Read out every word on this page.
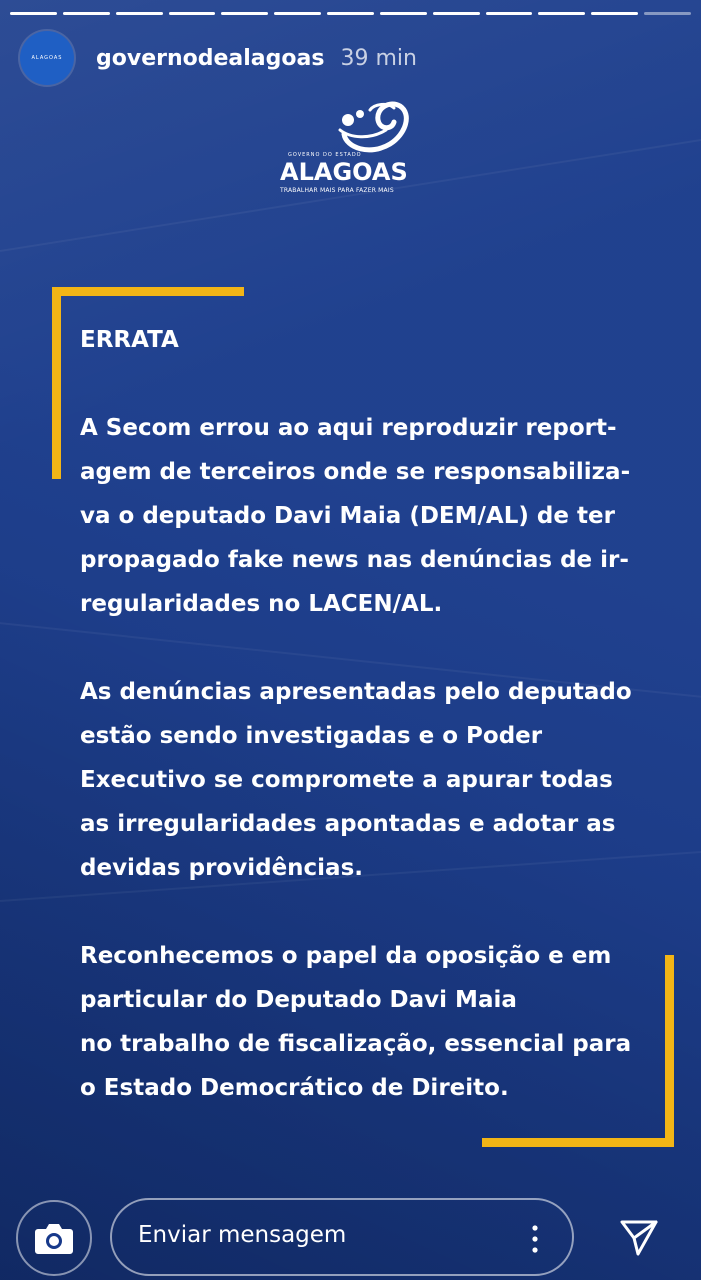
ALAGOAS governodealagoas 39 min
GOVERNO DO ESTADO
ALAGOAS
TRABALHAR MAIS PARA FAZER MAIS

ERRATA

A Secom errou ao aqui reproduzir report-

agem de terceiros onde se responsabiliza-

va o deputado Davi Maia (DEM/AL) de ter

propagado fake news nas denúncias de ir-

regularidades no LACEN/AL.

As denúncias apresentadas pelo deputado

estão sendo investigadas e o Poder

Executivo se compromete a apurar todas

as irregularidades apontadas e adotar as

devidas providências.

Reconhecemos o papel da oposição e em

particular do Deputado Davi Maia

no trabalho de fiscalização, essencial para

o Estado Democrático de Direito.

Enviar mensagem
